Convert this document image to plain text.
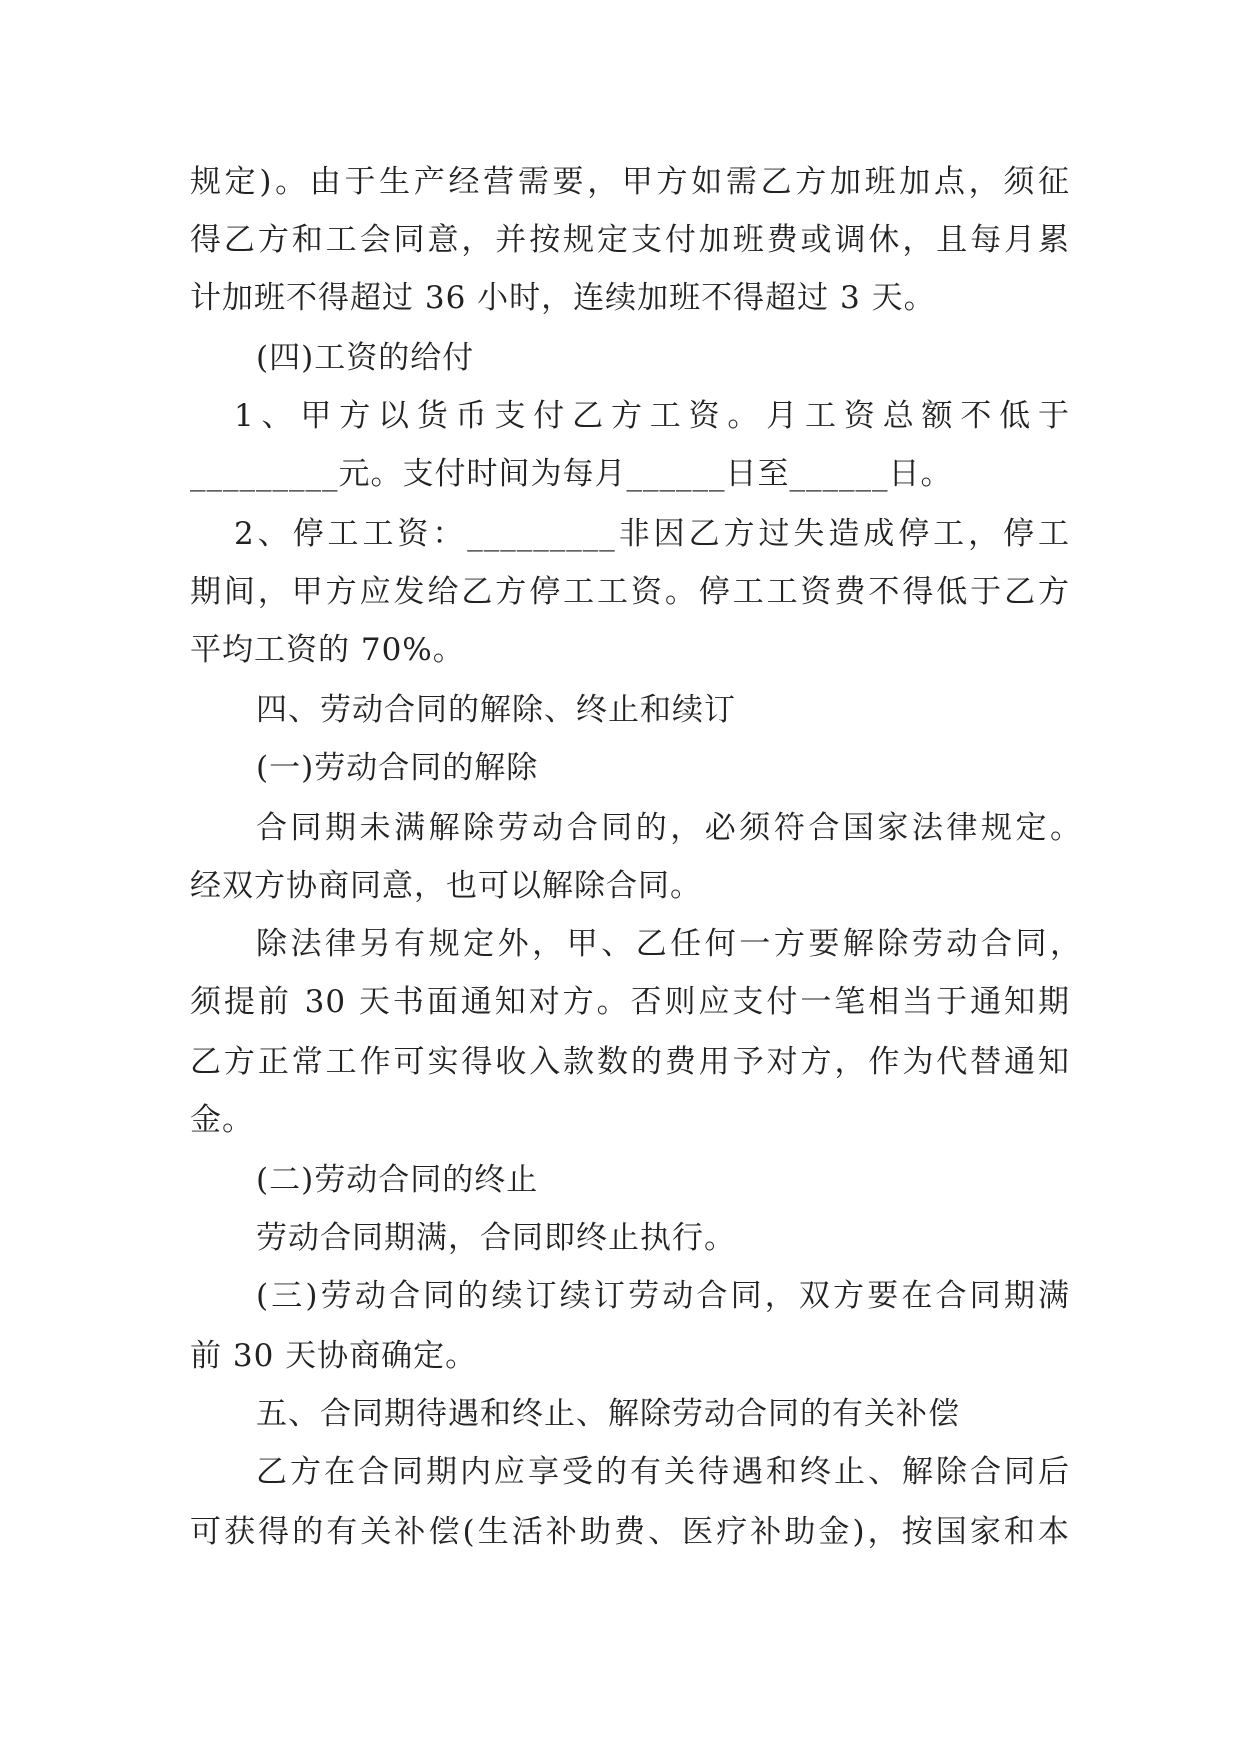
规定)。由于生产经营需要，甲方如需乙方加班加点，须征
得乙方和工会同意，并按规定支付加班费或调休，且每月累
计加班不得超过 36 小时，连续加班不得超过 3 天。
(四)工资的给付
1、甲方以货币支付乙方工资。月工资总额不低于
_________元。支付时间为每月______日至______日。
2、停工工资：_________非因乙方过失造成停工，停工
期间，甲方应发给乙方停工工资。停工工资费不得低于乙方
平均工资的 70%。
四、劳动合同的解除、终止和续订
(一)劳动合同的解除
合同期未满解除劳动合同的，必须符合国家法律规定。
经双方协商同意，也可以解除合同。
除法律另有规定外，甲、乙任何一方要解除劳动合同，
须提前 30 天书面通知对方。否则应支付一笔相当于通知期
乙方正常工作可实得收入款数的费用予对方，作为代替通知
金。
(二)劳动合同的终止
劳动合同期满，合同即终止执行。
(三)劳动合同的续订续订劳动合同，双方要在合同期满
前 30 天协商确定。
五、合同期待遇和终止、解除劳动合同的有关补偿
乙方在合同期内应享受的有关待遇和终止、解除合同后
可获得的有关补偿(生活补助费、医疗补助金)，按国家和本
